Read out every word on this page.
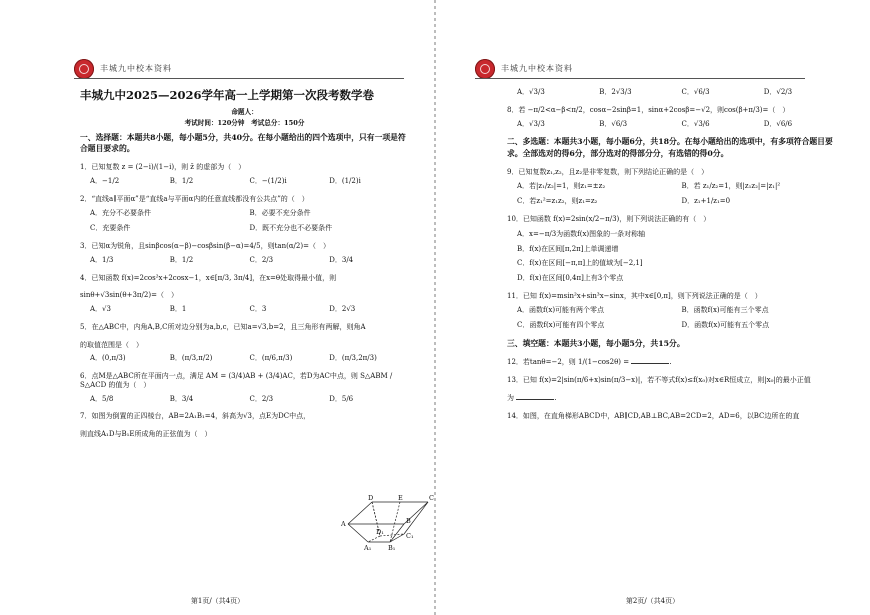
丰城九中校本资料
丰城九中2025—2026学年高一上学期第一次段考数学卷
命题人：
考试时间：120分钟　考试总分：150分
一、选择题：本题共8小题，每小题5分，共40分。在每小题给出的四个选项中，只有一项是符合题目要求的。
1．已知复数 z = (2−i)/(1−i)，则 z̄ 的虚部为（　）
A．−1/2	B．1/2	C．−(1/2)i	D．(1/2)i
2．“直线a∥平面α”是“直线a与平面α内的任意直线都没有公共点”的（　）
A．充分不必要条件	B．必要不充分条件
C．充要条件	D．既不充分也不必要条件
3．已知α为锐角，且sinβcos(α−β)−cosβsin(β−α)=4/5，则tan(α/2)=（　）
A．1/3	B．1/2	C．2/3	D．3/4
4．已知函数 f(x)=2cos²x+2cosx−1，x∈[π/3, 3π/4]，在x=θ处取得最小值，则
sinθ+√3sin(θ+3π/2)=（　）
A．√3	B．1	C．3	D．2√3
5．在△ABC中，内角A,B,C所对边分别为a,b,c，已知a=√3,b=2，且三角形有两解，则角A
的取值范围是（　）
A．(0,π/3)	B．(π/3,π/2)	C．(π/6,π/3)	D．(π/3,2π/3)
6．点M是△ABC所在平面内一点，满足 AM = (3/4)AB + (3/4)AC，若D为AC中点，则 S△ABM / S△ACD 的值为（　）
A．5/8	B．3/4	C．2/3	D．5/6
7．如图为倒置的正四棱台，AB=2A₁B₁=4，斜高为√3，点E为DC中点，
则直线A₁D与B₁E所成角的正弦值为（　）
D	E	C
A	B
D₁	C₁
A₁	B₁
第1页/（共4页）
丰城九中校本资料
A．√3/3	B．2√3/3	C．√6/3	D．√2/3
8．若 −π/2<α−β<π/2，cosα−2sinβ=1，sinα+2cosβ=−√2，则cos(β+π/3)=（　）
A．√3/3	B．√6/3	C．√3/6	D．√6/6
二、多选题：本题共3小题，每小题6分，共18分。在每小题给出的选项中，有多项符合题目要求。全部选对的得6分，部分选对的得部分分，有选错的得0分。
9．已知复数z₁,z₂，且z₂是非零复数，则下列结论正确的是（　）
A．若|z₁/z₂|=1，则z₁=±z₂	B．若 z₁/z₂=1，则|z₁z₂|=|z₁|²
C．若z₁²=z₁z₂，则z₁=z₂	D．z₁+1/z₁=0
10．已知函数 f(x)=2sin(x/2−π/3)，则下列说法正确的有（　）
A．x=−π/3为函数f(x)图象的一条对称轴
B．f(x)在区间[π,2π]上单调递增
C．f(x)在区间[−π,π]上的值域为[−2,1]
D．f(x)在区间[0,4π]上有3个零点
11．已知 f(x)=msin²x+sin³x−sinx，其中x∈[0,π]，则下列说法正确的是（　）
A．函数f(x)可能有两个零点	B．函数f(x)可能有三个零点
C．函数f(x)可能有四个零点	D．函数f(x)可能有五个零点
三、填空题：本题共3小题，每小题5分，共15分。
12．若tanθ=−2，则 1/(1−cos2θ) =	.
13．已知 f(x)=2|sin(π/6+x)sin(π/3−x)|，若不等式f(x)≤f(x₀)对x∈R恒成立，则|x₀|的最小正值
为	.
14．如图，在直角梯形ABCD中，AB∥CD,AB⊥BC,AB=2CD=2，AD=6，以BC边所在的直
第2页/（共4页）
